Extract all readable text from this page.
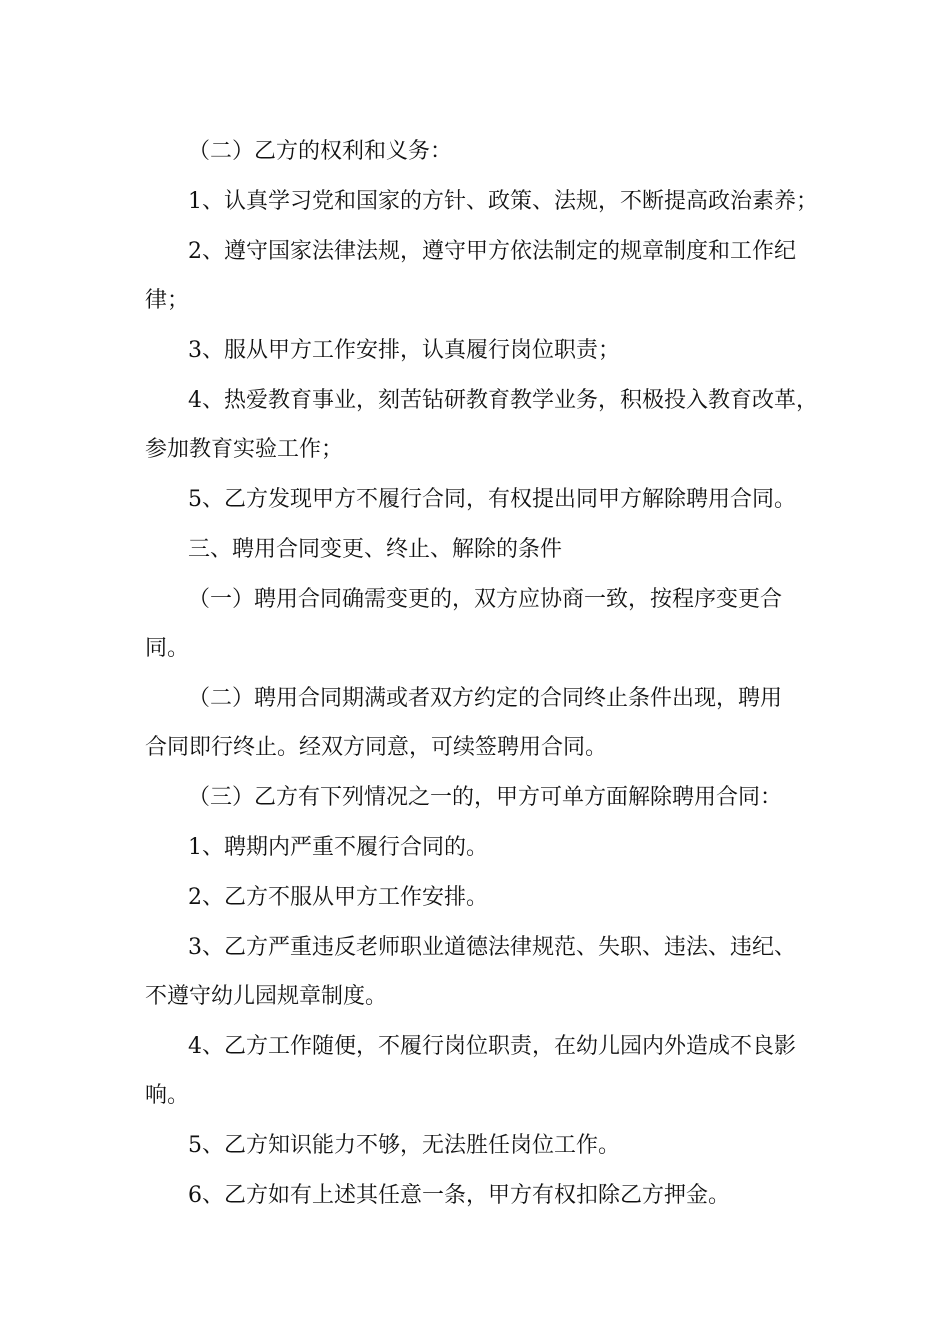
（二）乙方的权利和义务：
1、认真学习党和国家的方针、政策、法规，不断提高政治素养；
2、遵守国家法律法规，遵守甲方依法制定的规章制度和工作纪
律；
3、服从甲方工作安排，认真履行岗位职责；
4、热爱教育事业，刻苦钻研教育教学业务，积极投入教育改革，
参加教育实验工作；
5、乙方发现甲方不履行合同，有权提出同甲方解除聘用合同。
三、聘用合同变更、终止、解除的条件
（一）聘用合同确需变更的，双方应协商一致，按程序变更合
同。
（二）聘用合同期满或者双方约定的合同终止条件出现，聘用
合同即行终止。经双方同意，可续签聘用合同。
（三）乙方有下列情况之一的，甲方可单方面解除聘用合同：
1、聘期内严重不履行合同的。
2、乙方不服从甲方工作安排。
3、乙方严重违反老师职业道德法律规范、失职、违法、违纪、
不遵守幼儿园规章制度。
4、乙方工作随便，不履行岗位职责，在幼儿园内外造成不良影
响。
5、乙方知识能力不够，无法胜任岗位工作。
6、乙方如有上述其任意一条，甲方有权扣除乙方押金。
